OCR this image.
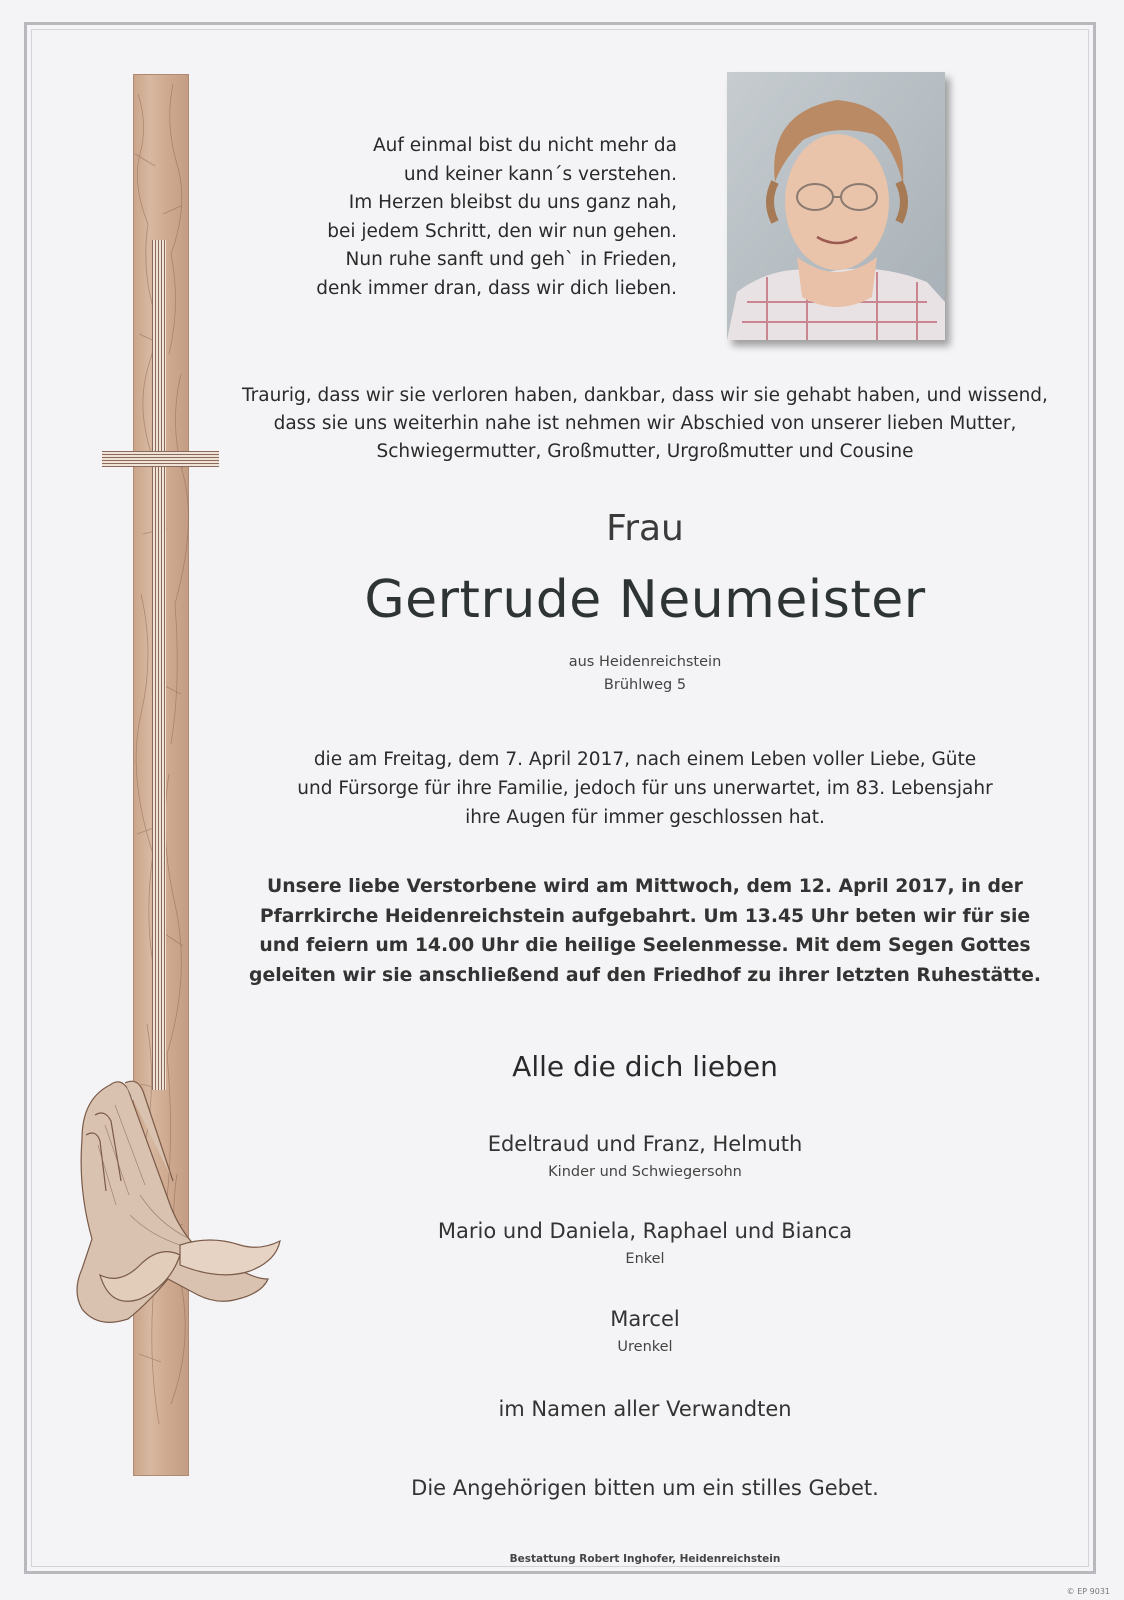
Auf einmal bist du nicht mehr da
und keiner kann´s verstehen.
Im Herzen bleibst du uns ganz nah,
bei jedem Schritt, den wir nun gehen.
Nun ruhe sanft und geh` in Frieden,
denk immer dran, dass wir dich lieben.
Traurig, dass wir sie verloren haben, dankbar, dass wir sie gehabt haben, und wissend,
dass sie uns weiterhin nahe ist nehmen wir Abschied von unserer lieben Mutter,
Schwiegermutter, Großmutter, Urgroßmutter und Cousine
Frau
Gertrude Neumeister
aus Heidenreichstein
Brühlweg 5
die am Freitag, dem 7. April 2017, nach einem Leben voller Liebe, Güte
und Fürsorge für ihre Familie, jedoch für uns unerwartet, im 83. Lebensjahr
ihre Augen für immer geschlossen hat.
Unsere liebe Verstorbene wird am Mittwoch, dem 12. April 2017, in der
Pfarrkirche Heidenreichstein aufgebahrt. Um 13.45 Uhr beten wir für sie
und feiern um 14.00 Uhr die heilige Seelenmesse. Mit dem Segen Gottes
geleiten wir sie anschließend auf den Friedhof zu ihrer letzten Ruhestätte.
Alle die dich lieben
Edeltraud und Franz, Helmuth
Kinder und Schwiegersohn
Mario und Daniela, Raphael und Bianca
Enkel
Marcel
Urenkel
im Namen aller Verwandten
Die Angehörigen bitten um ein stilles Gebet.
Bestattung Robert Inghofer, Heidenreichstein
© EP 9031
